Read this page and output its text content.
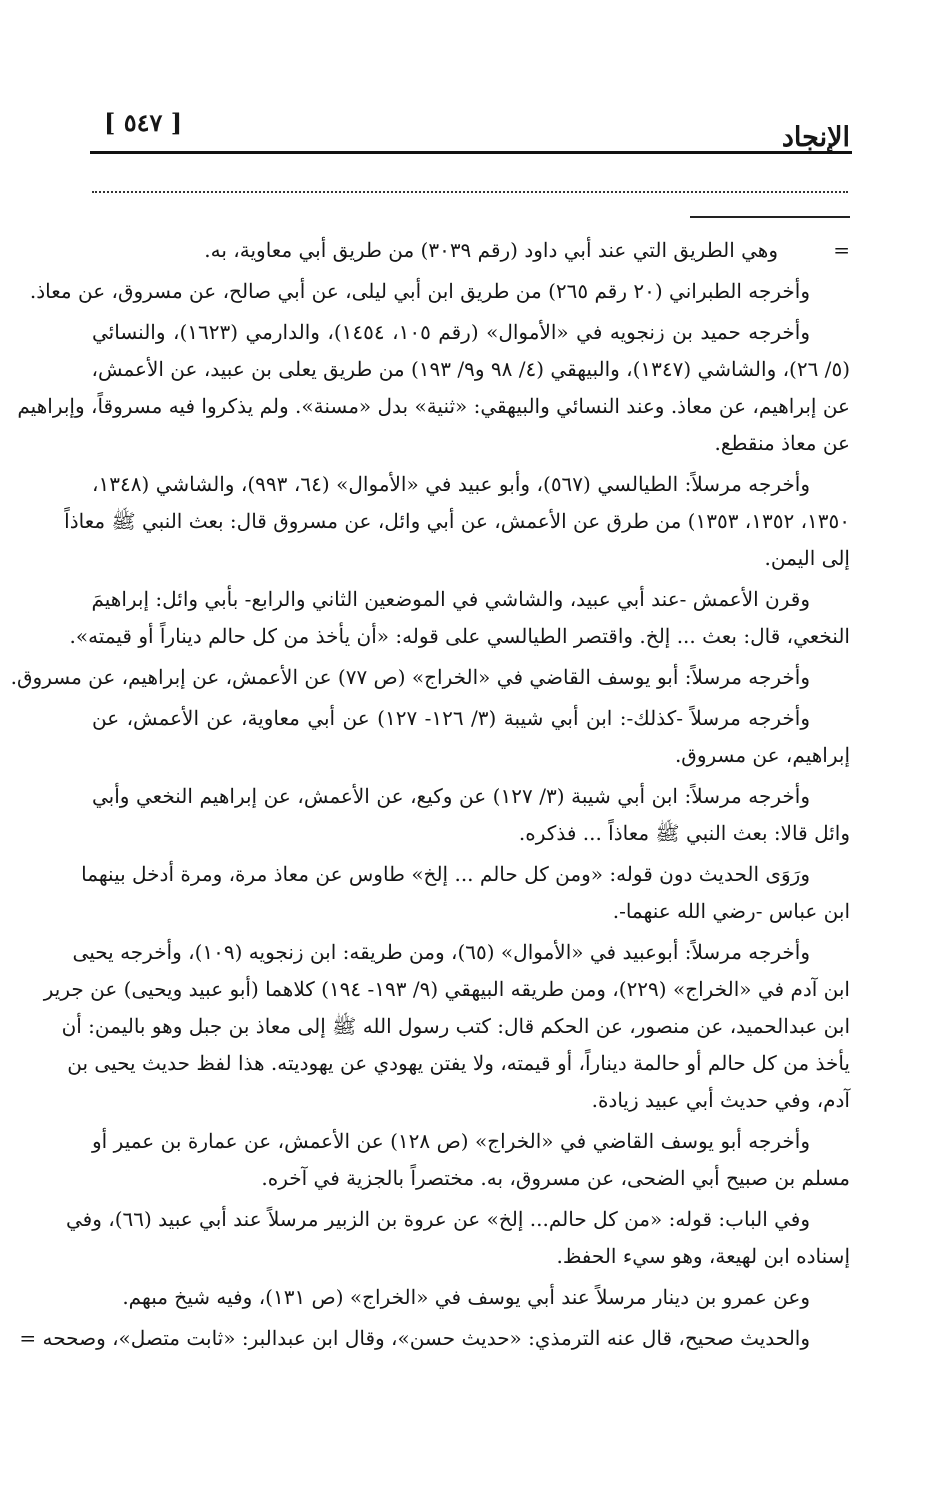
الإنجاد
[ ٥٤٧ ]
=
وهي الطريق التي عند أبي داود (رقم ٣٠٣٩) من طريق أبي معاوية، به.
وأخرجه الطبراني (٢٠ رقم ٢٦٥) من طريق ابن أبي ليلى، عن أبي صالح، عن مسروق، عن معاذ.
وأخرجه حميد بن زنجويه في «الأموال» (رقم ١٠٥، ١٤٥٤)، والدارمي (١٦٢٣)، والنسائي
(٥/ ٢٦)، والشاشي (١٣٤٧)، والبيهقي (٤/ ٩٨ و٩/ ١٩٣) من طريق يعلى بن عبيد، عن الأعمش،
عن إبراهيم، عن معاذ. وعند النسائي والبيهقي: «ثنية» بدل «مسنة». ولم يذكروا فيه مسروقاً، وإبراهيم
عن معاذ منقطع.
وأخرجه مرسلاً: الطيالسي (٥٦٧)، وأبو عبيد في «الأموال» (٦٤، ٩٩٣)، والشاشي (١٣٤٨،
١٣٥٠، ١٣٥٢، ١٣٥٣) من طرق عن الأعمش، عن أبي وائل، عن مسروق قال: بعث النبي ﷺ معاذاً
إلى اليمن.
وقرن الأعمش -عند أبي عبيد، والشاشي في الموضعين الثاني والرابع- بأبي وائل: إبراهيمَ
النخعي، قال: بعث ... إلخ. واقتصر الطيالسي على قوله: «أن يأخذ من كل حالم ديناراً أو قيمته».
وأخرجه مرسلاً: أبو يوسف القاضي في «الخراج» (ص ٧٧) عن الأعمش، عن إبراهيم، عن مسروق.
وأخرجه مرسلاً -كذلك-: ابن أبي شيبة (٣/ ١٢٦- ١٢٧) عن أبي معاوية، عن الأعمش، عن
إبراهيم، عن مسروق.
وأخرجه مرسلاً: ابن أبي شيبة (٣/ ١٢٧) عن وكيع، عن الأعمش، عن إبراهيم النخعي وأبي
وائل قالا: بعث النبي ﷺ معاذاً ... فذكره.
ورَوَى الحديث دون قوله: «ومن كل حالم ... إلخ» طاوس عن معاذ مرة، ومرة أدخل بينهما
ابن عباس -رضي الله عنهما-.
وأخرجه مرسلاً: أبوعبيد في «الأموال» (٦٥)، ومن طريقه: ابن زنجويه (١٠٩)، وأخرجه يحيى
ابن آدم في «الخراج» (٢٢٩)، ومن طريقه البيهقي (٩/ ١٩٣- ١٩٤) كلاهما (أبو عبيد ويحيى) عن جرير
ابن عبدالحميد، عن منصور، عن الحكم قال: كتب رسول الله ﷺ إلى معاذ بن جبل وهو باليمن: أن
يأخذ من كل حالم أو حالمة ديناراً، أو قيمته، ولا يفتن يهودي عن يهوديته. هذا لفظ حديث يحيى بن
آدم، وفي حديث أبي عبيد زيادة.
وأخرجه أبو يوسف القاضي في «الخراج» (ص ١٢٨) عن الأعمش، عن عمارة بن عمير أو
مسلم بن صبيح أبي الضحى، عن مسروق، به. مختصراً بالجزية في آخره.
وفي الباب: قوله: «من كل حالم... إلخ» عن عروة بن الزبير مرسلاً عند أبي عبيد (٦٦)، وفي
إسناده ابن لهيعة، وهو سيء الحفظ.
وعن عمرو بن دينار مرسلاً عند أبي يوسف في «الخراج» (ص ١٣١)، وفيه شيخ مبهم.
والحديث صحيح، قال عنه الترمذي: «حديث حسن»، وقال ابن عبدالبر: «ثابت متصل»، وصححه =
